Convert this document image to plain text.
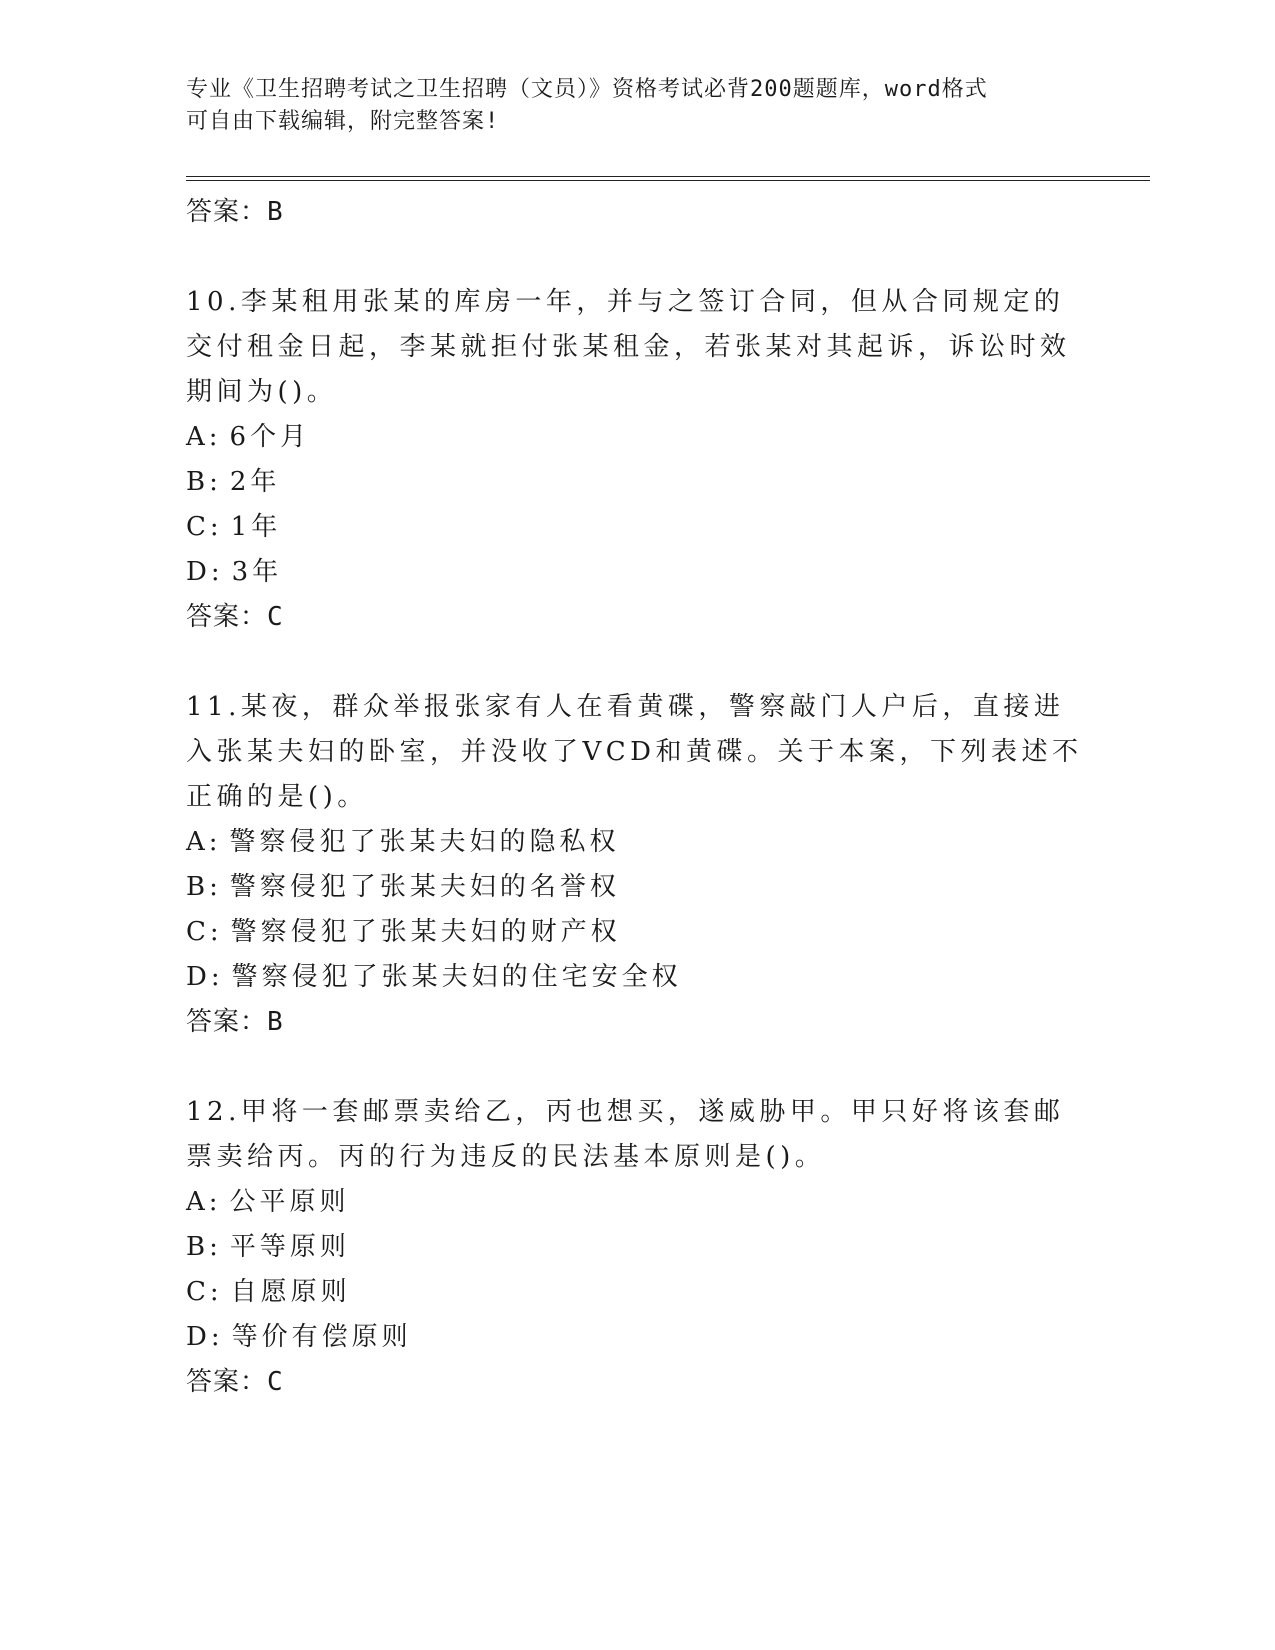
专业《卫生招聘考试之卫生招聘（文员）》资格考试必背200题题库，word格式
可自由下载编辑，附完整答案!
答案：B

10.李某租用张某的库房一年，并与之签订合同，但从合同规定的交付租金日起，李某就拒付张某租金，若张某对其起诉，诉讼时效期间为()。

A: 6个月
B: 2年
C: 1年
D: 3年
答案：C

11.某夜，群众举报张家有人在看黄碟，警察敲门人户后，直接进入张某夫妇的卧室，并没收了VCD和黄碟。关于本案，下列表述不正确的是()。

A: 警察侵犯了张某夫妇的隐私权
B: 警察侵犯了张某夫妇的名誉权
C: 警察侵犯了张某夫妇的财产权
D: 警察侵犯了张某夫妇的住宅安全权
答案：B

12.甲将一套邮票卖给乙，丙也想买，遂威胁甲。甲只好将该套邮票卖给丙。丙的行为违反的民法基本原则是()。

A: 公平原则
B: 平等原则
C: 自愿原则
D: 等价有偿原则
答案：C
